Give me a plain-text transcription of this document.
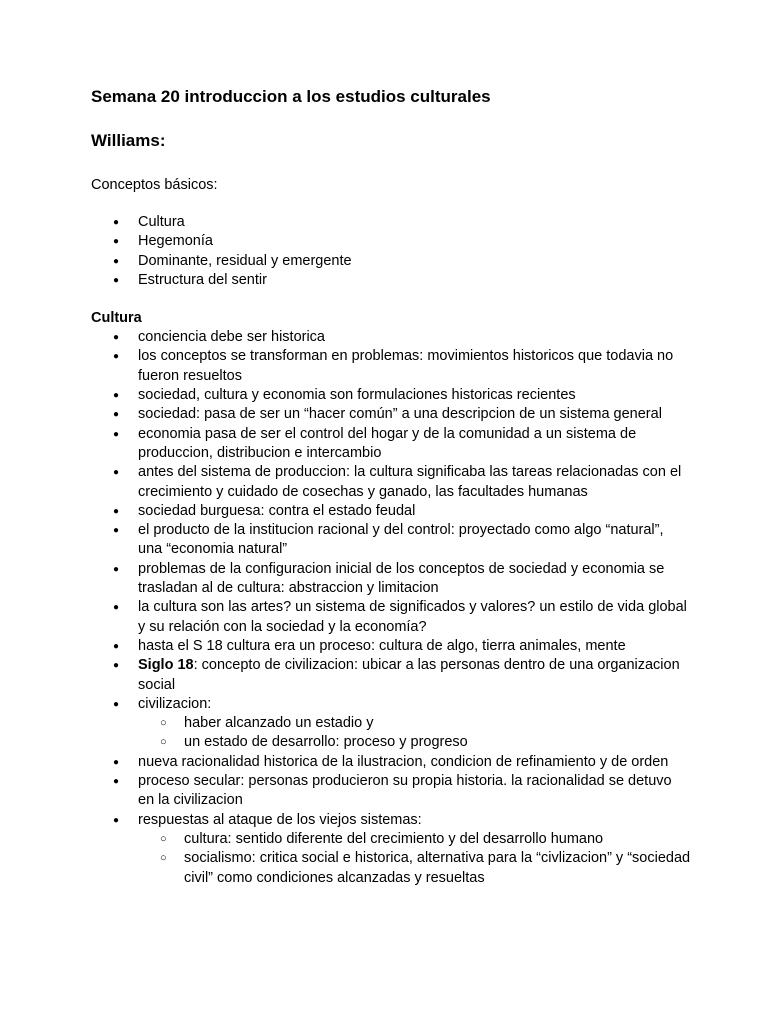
Semana 20 introduccion a los estudios culturales
Williams:

Conceptos básicos:

● Cultura
● Hegemonía
● Dominante, residual y emergente
● Estructura del sentir
Cultura
● conciencia debe ser historica
● los conceptos se transforman en problemas: movimientos historicos que todavia no fueron resueltos
● sociedad, cultura y economia son formulaciones historicas recientes
● sociedad: pasa de ser un “hacer común” a una descripcion de un sistema general
● economia pasa de ser el control del hogar y de la comunidad a un sistema de produccion, distribucion e intercambio
● antes del sistema de produccion: la cultura significaba las tareas relacionadas con el crecimiento y cuidado de cosechas y ganado, las facultades humanas
● sociedad burguesa: contra el estado feudal
● el producto de la institucion racional y del control: proyectado como algo “natural”, una “economia natural”
● problemas de la configuracion inicial de los conceptos de sociedad y economia se trasladan al de cultura: abstraccion y limitacion
● la cultura son las artes? un sistema de significados y valores? un estilo de vida global y su relación con la sociedad y la economía?
● hasta el S 18 cultura era un proceso: cultura de algo, tierra animales, mente
● Siglo 18: concepto de civilizacion: ubicar a las personas dentro de una organizacion social
● civilizacion:
○ haber alcanzado un estadio y
○ un estado de desarrollo: proceso y progreso
● nueva racionalidad historica de la ilustracion, condicion de refinamiento y de orden
● proceso secular: personas producieron su propia historia. la racionalidad se detuvo en la civilizacion
● respuestas al ataque de los viejos sistemas:
○ cultura: sentido diferente del crecimiento y del desarrollo humano
○ socialismo: critica social e historica, alternativa para la “civlizacion” y “sociedad civil” como condiciones alcanzadas y resueltas
